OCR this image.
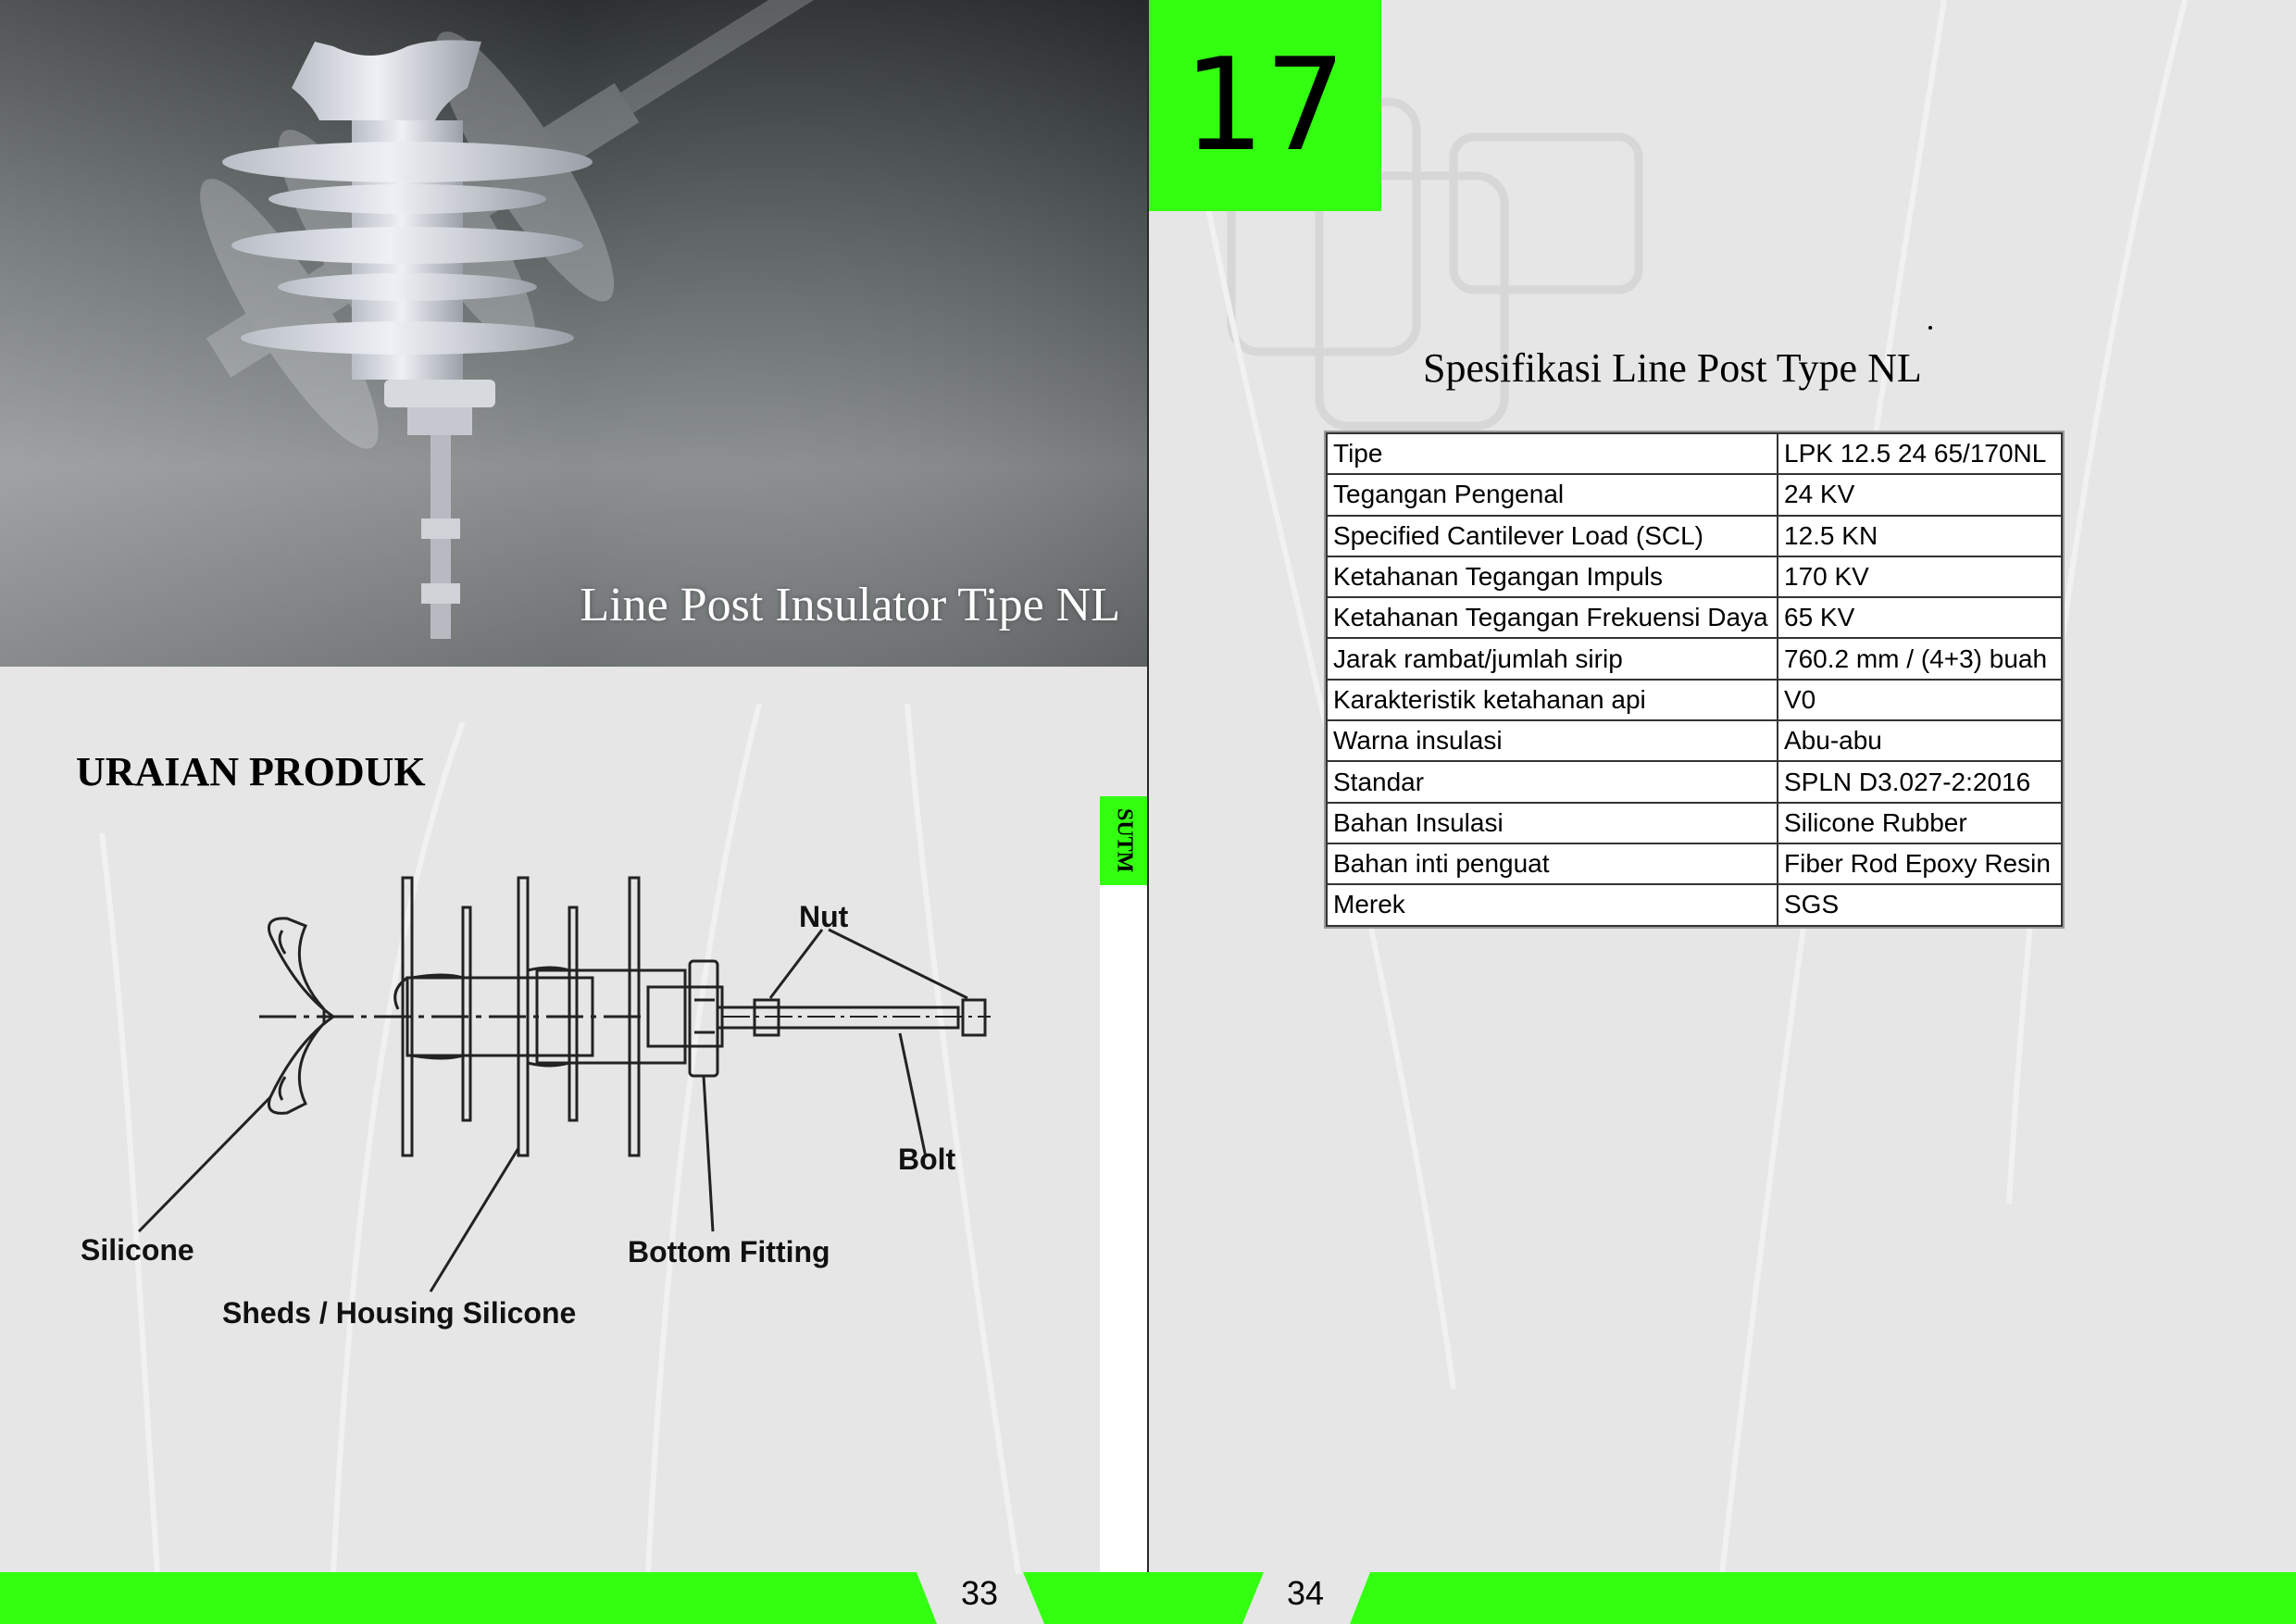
Line Post Insulator Tipe NL
URAIAN PRODUK
SUTM
Nut
Bolt
Silicone	Bottom Fitting
Sheds / Housing Silicone
17
Spesifikasi Line Post Type NL
Tipe	LPK 12.5 24 65/170NL
Tegangan Pengenal	24 KV
Specified Cantilever Load (SCL)	12.5 KN
Ketahanan Tegangan Impuls	170 KV
Ketahanan Tegangan Frekuensi Daya	65 KV
Jarak rambat/jumlah sirip	760.2 mm / (4+3) buah
Karakteristik ketahanan api	V0
Warna insulasi	Abu-abu
Standar	SPLN D3.027-2:2016
Bahan Insulasi	Silicone Rubber
Bahan inti penguat	Fiber Rod Epoxy Resin
Merek	SGS
33	34
